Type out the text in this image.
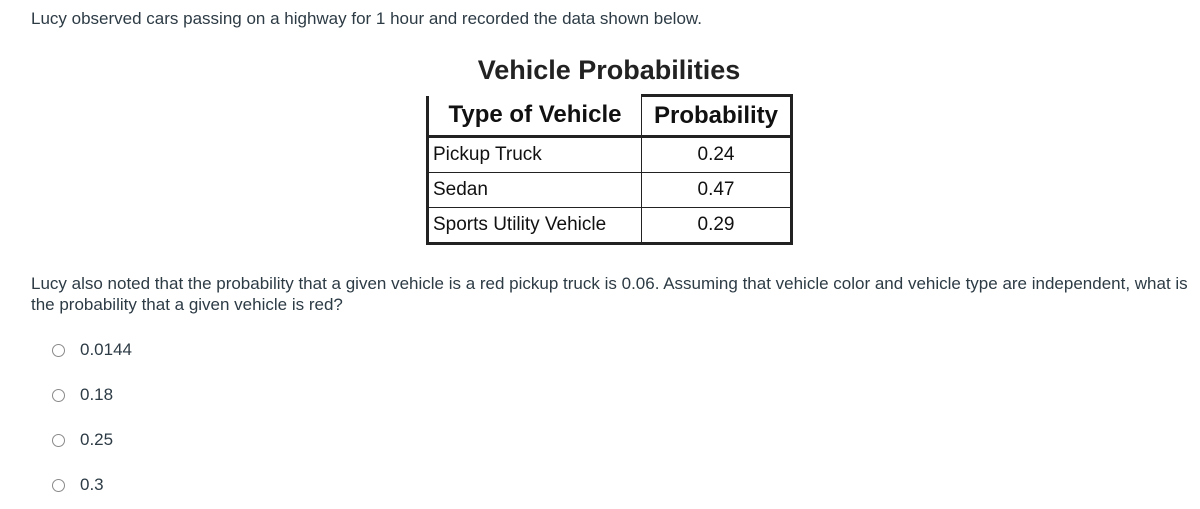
Lucy observed cars passing on a highway for 1 hour and recorded the data shown below.
Vehicle Probabilities
Type of Vehicle	Probability
Pickup Truck	0.24
Sedan	0.47
Sports Utility Vehicle	0.29
Lucy also noted that the probability that a given vehicle is a red pickup truck is 0.06. Assuming that vehicle color and vehicle type are independent, what is the probability that a given vehicle is red?
0.0144
0.18
0.25
0.3
